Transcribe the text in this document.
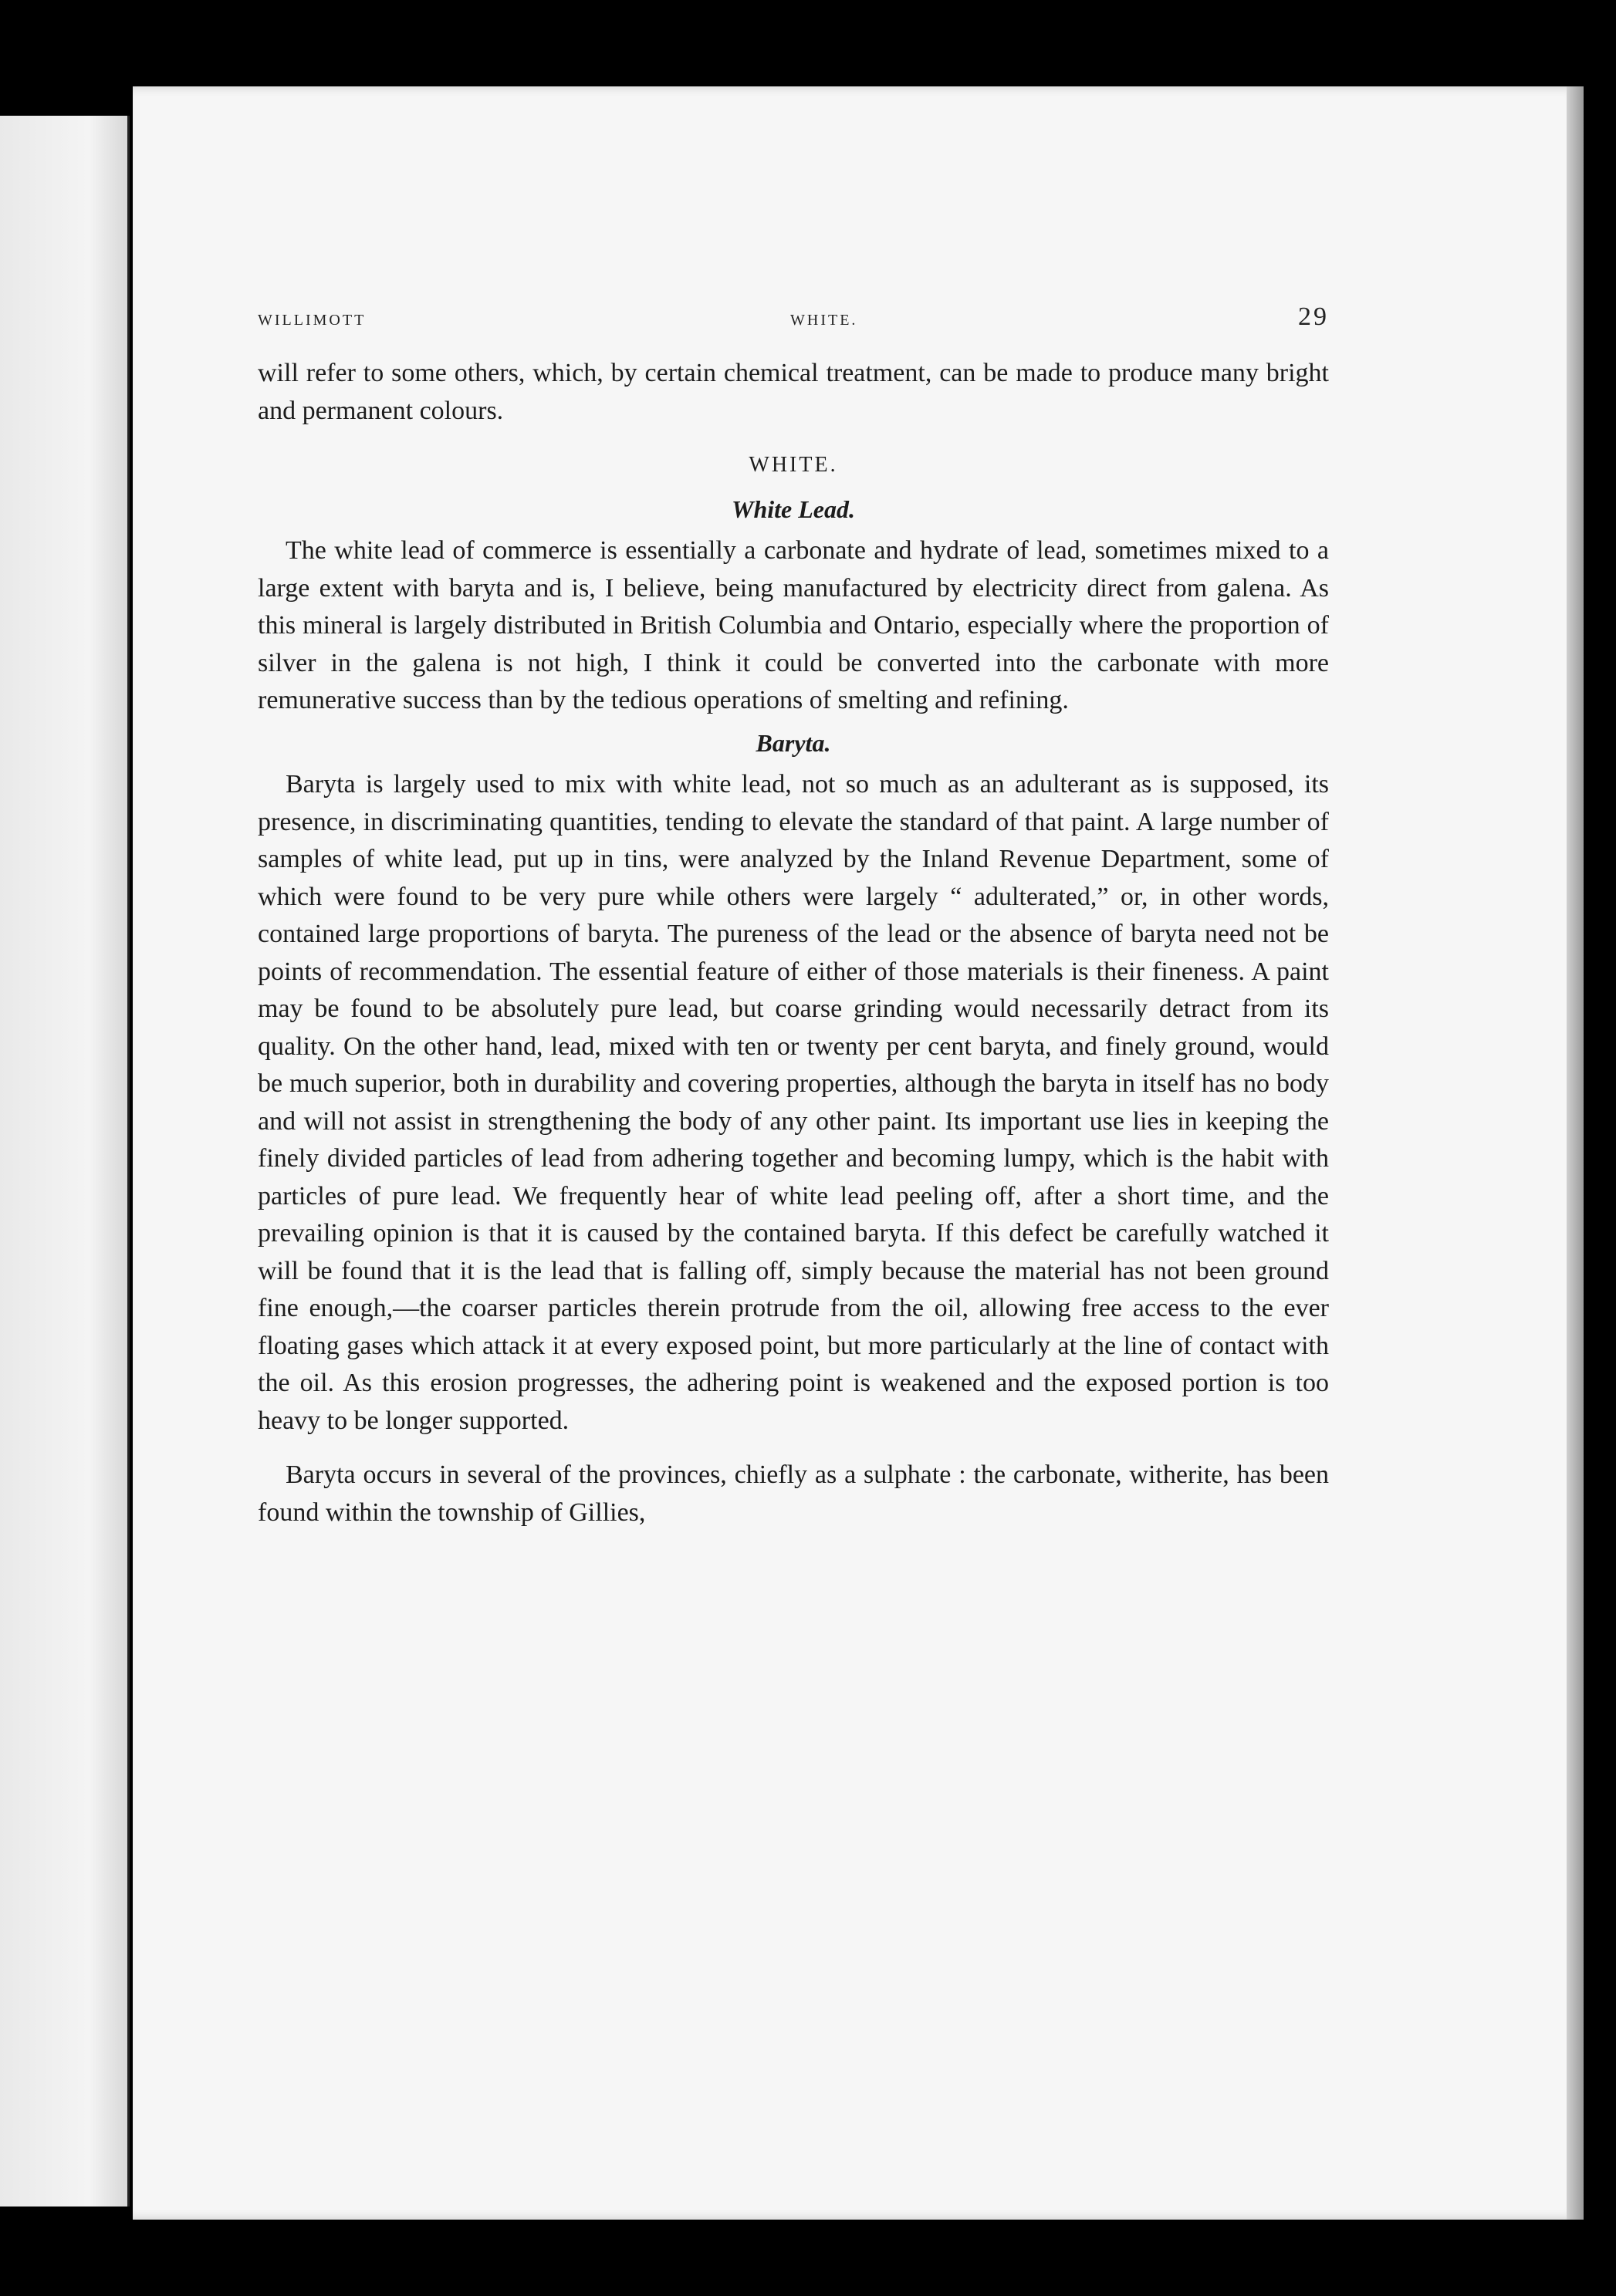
WILLIMOTT	WHITE.	29

will refer to some others, which, by certain chemical treatment, can be made to produce many bright and permanent colours.

WHITE.

White Lead.

The white lead of commerce is essentially a carbonate and hydrate of lead, sometimes mixed to a large extent with baryta and is, I believe, being manufactured by electricity direct from galena. As this mineral is largely distributed in British Columbia and Ontario, especially where the proportion of silver in the galena is not high, I think it could be converted into the carbonate with more remunerative success than by the tedious operations of smelting and refining.

Baryta.

Baryta is largely used to mix with white lead, not so much as an adulterant as is supposed, its presence, in discriminating quantities, tending to elevate the standard of that paint. A large number of samples of white lead, put up in tins, were analyzed by the Inland Revenue Department, some of which were found to be very pure while others were largely “ adulterated,” or, in other words, contained large proportions of baryta. The pureness of the lead or the absence of baryta need not be points of recommendation. The essential feature of either of those materials is their fineness. A paint may be found to be absolutely pure lead, but coarse grinding would necessarily detract from its quality. On the other hand, lead, mixed with ten or twenty per cent baryta, and finely ground, would be much superior, both in durability and covering properties, although the baryta in itself has no body and will not assist in strengthening the body of any other paint. Its important use lies in keeping the finely divided particles of lead from adhering together and becoming lumpy, which is the habit with particles of pure lead. We frequently hear of white lead peeling off, after a short time, and the prevailing opinion is that it is caused by the contained baryta. If this defect be carefully watched it will be found that it is the lead that is falling off, simply because the material has not been ground fine enough,—the coarser particles therein protrude from the oil, allowing free access to the ever floating gases which attack it at every exposed point, but more particularly at the line of contact with the oil. As this erosion progresses, the adhering point is weakened and the exposed portion is too heavy to be longer supported.

Baryta occurs in several of the provinces, chiefly as a sulphate : the carbonate, witherite, has been found within the township of Gillies,
